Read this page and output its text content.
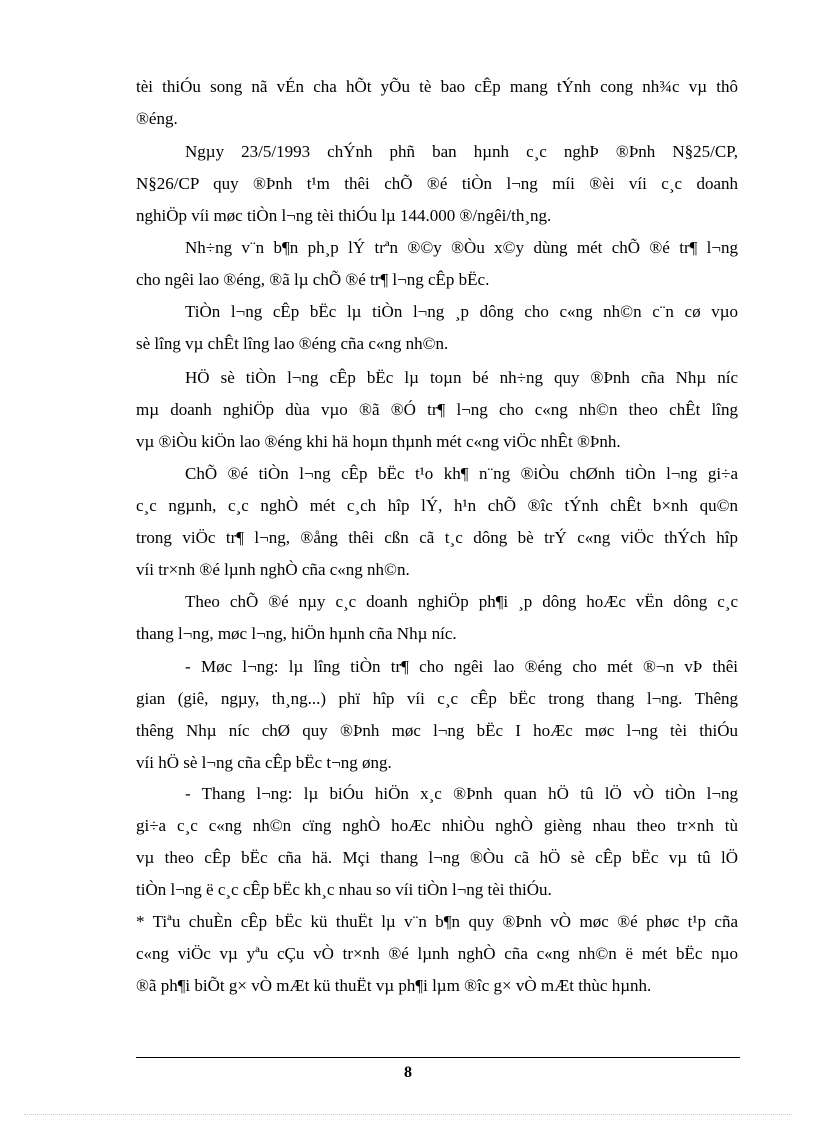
tèi thiÓu song nã vÉn cha hÕt yÕu tè bao cÊp mang tÝnh cong nh¾c vµ thô
®éng.
Ngµy 23/5/1993 chÝnh phñ ban hµnh c¸c nghÞ ®Þnh N§25/CP,
N§26/CP quy ®Þnh t¹m thêi chÕ ®é tiÒn l¬ng míi ®èi víi c¸c doanh
nghiÖp víi møc tiÒn l¬ng tèi thiÓu lµ 144.000 ®/ngêi/th¸ng.
Nh÷ng v¨n b¶n ph¸p lÝ trªn ®©y ®Òu x©y dùng mét chÕ ®é tr¶ l¬ng
cho ngêi lao ®éng, ®ã lµ chÕ ®é tr¶ l¬ng cÊp bËc.
TiÒn l¬ng cÊp bËc lµ tiÒn l¬ng ¸p dông cho c«ng nh©n c¨n cø vµo
sè lîng vµ chÊt lîng lao ®éng cña c«ng nh©n.
HÖ sè tiÒn l¬ng cÊp bËc lµ toµn bé nh÷ng quy ®Þnh cña Nhµ níc
mµ doanh nghiÖp dùa vµo ®ã ®Ó tr¶ l¬ng cho c«ng nh©n theo chÊt lîng
vµ ®iÒu kiÖn lao ®éng khi hä hoµn thµnh mét c«ng viÖc nhÊt ®Þnh.
ChÕ ®é tiÒn l¬ng cÊp bËc t¹o kh¶ n¨ng ®iÒu chØnh tiÒn l¬ng gi÷a
c¸c ngµnh, c¸c nghÒ mét c¸ch hîp lÝ, h¹n chÕ ®îc tÝnh chÊt b×nh qu©n
trong viÖc tr¶ l¬ng, ®ång thêi cßn cã t¸c dông bè trÝ c«ng viÖc thÝch hîp
víi tr×nh ®é lµnh nghÒ cña c«ng nh©n.
Theo chÕ ®é nµy c¸c doanh nghiÖp ph¶i ¸p dông hoÆc vËn dông c¸c
thang l¬ng, møc l¬ng, hiÖn hµnh cña Nhµ níc.
- Møc l¬ng: lµ lîng tiÒn tr¶ cho ngêi lao ®éng cho mét ®¬n vÞ thêi
gian (giê, ngµy, th¸ng...) phï hîp víi c¸c cÊp bËc trong thang l¬ng. Thêng
thêng Nhµ níc chØ quy ®Þnh møc l¬ng bËc I hoÆc møc l¬ng tèi thiÓu
víi hÖ sè l¬ng cña cÊp bËc t¬ng øng.
- Thang l¬ng: lµ biÓu hiÖn x¸c ®Þnh quan hÖ tû lÖ vÒ tiÒn l¬ng
gi÷a c¸c c«ng nh©n cïng nghÒ hoÆc nhiÒu nghÒ gièng nhau theo tr×nh tù
vµ theo cÊp bËc cña hä. Mçi thang l¬ng ®Òu cã hÖ sè cÊp bËc vµ tû lÖ
tiÒn l¬ng ë c¸c cÊp bËc kh¸c nhau so víi tiÒn l¬ng tèi thiÓu.
* Tiªu chuÈn cÊp bËc kü thuËt lµ v¨n b¶n quy ®Þnh vÒ møc ®é phøc t¹p cña
c«ng viÖc vµ yªu cÇu vÒ tr×nh ®é lµnh nghÒ cña c«ng nh©n ë mét bËc nµo
®ã ph¶i biÕt g× vÒ mÆt kü thuËt vµ ph¶i lµm ®îc g× vÒ mÆt thùc hµnh.
8
